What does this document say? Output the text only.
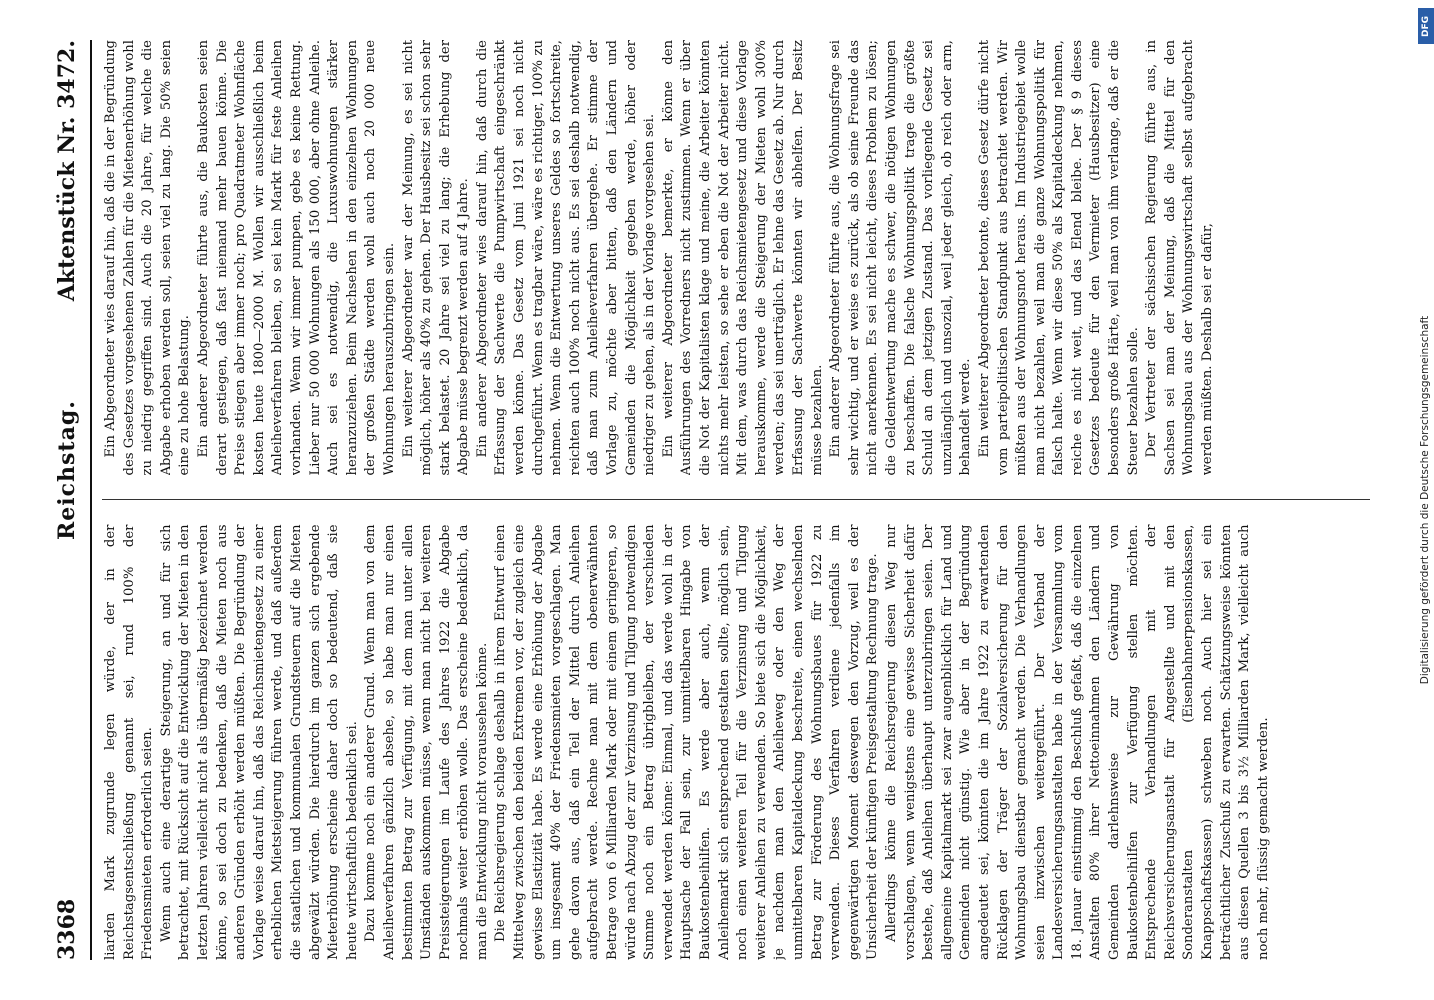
3368
Reichstag.
Aktenstück Nr. 3472.

liarden Mark zugrunde legen würde, der in der Reichstagsentschließung genannt sei, rund 100% der Friedensmieten erforderlich seien. Wenn auch eine derartige Steigerung, an und für sich betrachtet, mit Rücksicht auf die Entwicklung der Mieten in den letzten Jahren vielleicht nicht als übermäßig bezeichnet werden könne, so sei doch zu bedenken, daß die Mieten noch aus anderen Gründen erhöht werden müßten. Die Begründung der Vorlage weise darauf hin, daß das Reichsmietengesetz zu einer erheblichen Mietsteigerung führen werde, und daß außerdem die staatlichen und kommunalen Grundsteuern auf die Mieten abgewälzt würden. Die hierdurch im ganzen sich ergebende Mieterhöhung erscheine daher doch so bedeutend, daß sie heute wirtschaftlich bedenklich sei. Dazu komme noch ein anderer Grund. Wenn man von dem Anleiheverfahren gänzlich absehe, so habe man nur einen bestimmten Betrag zur Verfügung, mit dem man unter allen Umständen auskommen müsse, wenn man nicht bei weiteren Preissteigerungen im Laufe des Jahres 1922 die Abgabe nochmals weiter erhöhen wolle. Das erscheine bedenklich, da man die Entwicklung nicht voraussehen könne. Die Reichsregierung schlage deshalb in ihrem Entwurf einen Mittelweg zwischen den beiden Extremen vor, der zugleich eine gewisse Elastizität habe. Es werde eine Erhöhung der Abgabe um insgesamt 40% der Friedensmieten vorgeschlagen. Man gehe davon aus, daß ein Teil der Mittel durch Anleihen aufgebracht werde. Rechne man mit dem obenerwähnten Betrage von 6 Milliarden Mark oder mit einem geringeren, so würde nach Abzug der zur Verzinsung und Tilgung notwendigen Summe noch ein Betrag übrigbleiben, der verschieden verwendet werden könne: Einmal, und das werde wohl in der Hauptsache der Fall sein, zur unmittelbaren Hingabe von Baukostenbeihilfen. Es werde aber auch, wenn der Anleihemarkt sich entsprechend gestalten sollte, möglich sein, noch einen weiteren Teil für die Verzinsung und Tilgung weiterer Anleihen zu verwenden. So biete sich die Möglichkeit, je nachdem man den Anleiheweg oder den Weg der unmittelbaren Kapitaldeckung beschreite, einen wechselnden Betrag zur Förderung des Wohnungsbaues für 1922 zu verwenden. Dieses Verfahren verdiene jedenfalls im gegenwärtigen Moment deswegen den Vorzug, weil es der Unsicherheit der künftigen Preisgestaltung Rechnung trage. Allerdings könne die Reichsregierung diesen Weg nur vorschlagen, wenn wenigstens eine gewisse Sicherheit dafür bestehe, daß Anleihen überhaupt unterzubringen seien. Der allgemeine Kapitalmarkt sei zwar augenblicklich für Land und Gemeinden nicht günstig. Wie aber in der Begründung angedeutet sei, könnten die im Jahre 1922 zu erwartenden Rücklagen der Träger der Sozialversicherung für den Wohnungsbau dienstbar gemacht werden. Die Verhandlungen seien inzwischen weitergeführt. Der Verband der Landesversicherungsanstalten habe in der Versammlung vom 18. Januar einstimmig den Beschluß gefaßt, daß die einzelnen Anstalten 80% ihrer Nettoeinnahmen den Ländern und Gemeinden darlehnsweise zur Gewährung von Baukostenbeihilfen zur Verfügung stellen möchten. Entsprechende Verhandlungen mit der Reichsversicherungsanstalt für Angestellte und mit den Sonderanstalten (Eisenbahnerpensionskassen, Knappschaftskassen) schweben noch. Auch hier sei ein beträchtlicher Zuschuß zu erwarten. Schätzungsweise könnten aus diesen Quellen 3 bis 3½ Milliarden Mark, vielleicht auch noch mehr, flüssig gemacht werden.

Ein Abgeordneter wies darauf hin, daß die in der Begründung des Gesetzes vorgesehenen Zahlen für die Mietenerhöhung wohl zu niedrig gegriffen sind. Auch die 20 Jahre, für welche die Abgabe erhoben werden soll, seien viel zu lang. Die 50% seien eine zu hohe Belastung. Ein anderer Abgeordneter führte aus, die Baukosten seien derart gestiegen, daß fast niemand mehr bauen könne. Die Preise stiegen aber immer noch; pro Quadratmeter Wohnfläche kosten heute 1800—2000 M. Wollen wir ausschließlich beim Anleiheverfahren bleiben, so sei kein Markt für feste Anleihen vorhanden. Wenn wir immer pumpen, gebe es keine Rettung. Lieber nur 50 000 Wohnungen als 150 000, aber ohne Anleihe. Auch sei es notwendig, die Luxuswohnungen stärker heranzuziehen. Beim Nachsehen in den einzelnen Wohnungen der großen Städte werden wohl auch noch 20 000 neue Wohnungen herauszubringen sein. Ein weiterer Abgeordneter war der Meinung, es sei nicht möglich, höher als 40% zu gehen. Der Hausbesitz sei schon sehr stark belastet. 20 Jahre sei viel zu lang; die Erhebung der Abgabe müsse begrenzt werden auf 4 Jahre. Ein anderer Abgeordneter wies darauf hin, daß durch die Erfassung der Sachwerte die Pumpwirtschaft eingeschränkt werden könne. Das Gesetz vom Juni 1921 sei noch nicht durchgeführt. Wenn es tragbar wäre, wäre es richtiger, 100% zu nehmen. Wenn die Entwertung unseres Geldes so fortschreite, reichten auch 100% noch nicht aus. Es sei deshalb notwendig, daß man zum Anleiheverfahren übergehe. Er stimme der Vorlage zu, möchte aber bitten, daß den Ländern und Gemeinden die Möglichkeit gegeben werde, höher oder niedriger zu gehen, als in der Vorlage vorgesehen sei. Ein weiterer Abgeordneter bemerkte, er könne den Ausführungen des Vorredners nicht zustimmen. Wenn er über die Not der Kapitalisten klage und meine, die Arbeiter könnten nichts mehr leisten, so sehe er eben die Not der Arbeiter nicht. Mit dem, was durch das Reichsmietengesetz und diese Vorlage herauskomme, werde die Steigerung der Mieten wohl 300% werden; das sei unerträglich. Er lehne das Gesetz ab. Nur durch Erfassung der Sachwerte könnten wir abhelfen. Der Besitz müsse bezahlen. Ein anderer Abgeordneter führte aus, die Wohnungsfrage sei sehr wichtig, und er weise es zurück, als ob seine Freunde das nicht anerkennen. Es sei nicht leicht, dieses Problem zu lösen; die Geldentwertung mache es schwer, die nötigen Wohnungen zu beschaffen. Die falsche Wohnungspolitik trage die größte Schuld an dem jetzigen Zustand. Das vorliegende Gesetz sei unzulänglich und unsozial, weil jeder gleich, ob reich oder arm, behandelt werde. Ein weiterer Abgeordneter betonte, dieses Gesetz dürfe nicht vom parteipolitischen Standpunkt aus betrachtet werden. Wir müßten aus der Wohnungsnot heraus. Im Industriegebiet wolle man nicht bezahlen, weil man die ganze Wohnungspolitik für falsch halte. Wenn wir diese 50% als Kapitaldeckung nehmen, reiche es nicht weit, und das Elend bleibe. Der § 9 dieses Gesetzes bedeute für den Vermieter (Hausbesitzer) eine besonders große Härte, weil man von ihm verlange, daß er die Steuer bezahlen solle. Der Vertreter der sächsischen Regierung führte aus, in Sachsen sei man der Meinung, daß die Mittel für den Wohnungsbau aus der Wohnungswirtschaft selbst aufgebracht werden müßten. Deshalb sei er dafür,	Digitalisierung gefördert durch die Deutsche Forschungsgemeinschaft
DFG
